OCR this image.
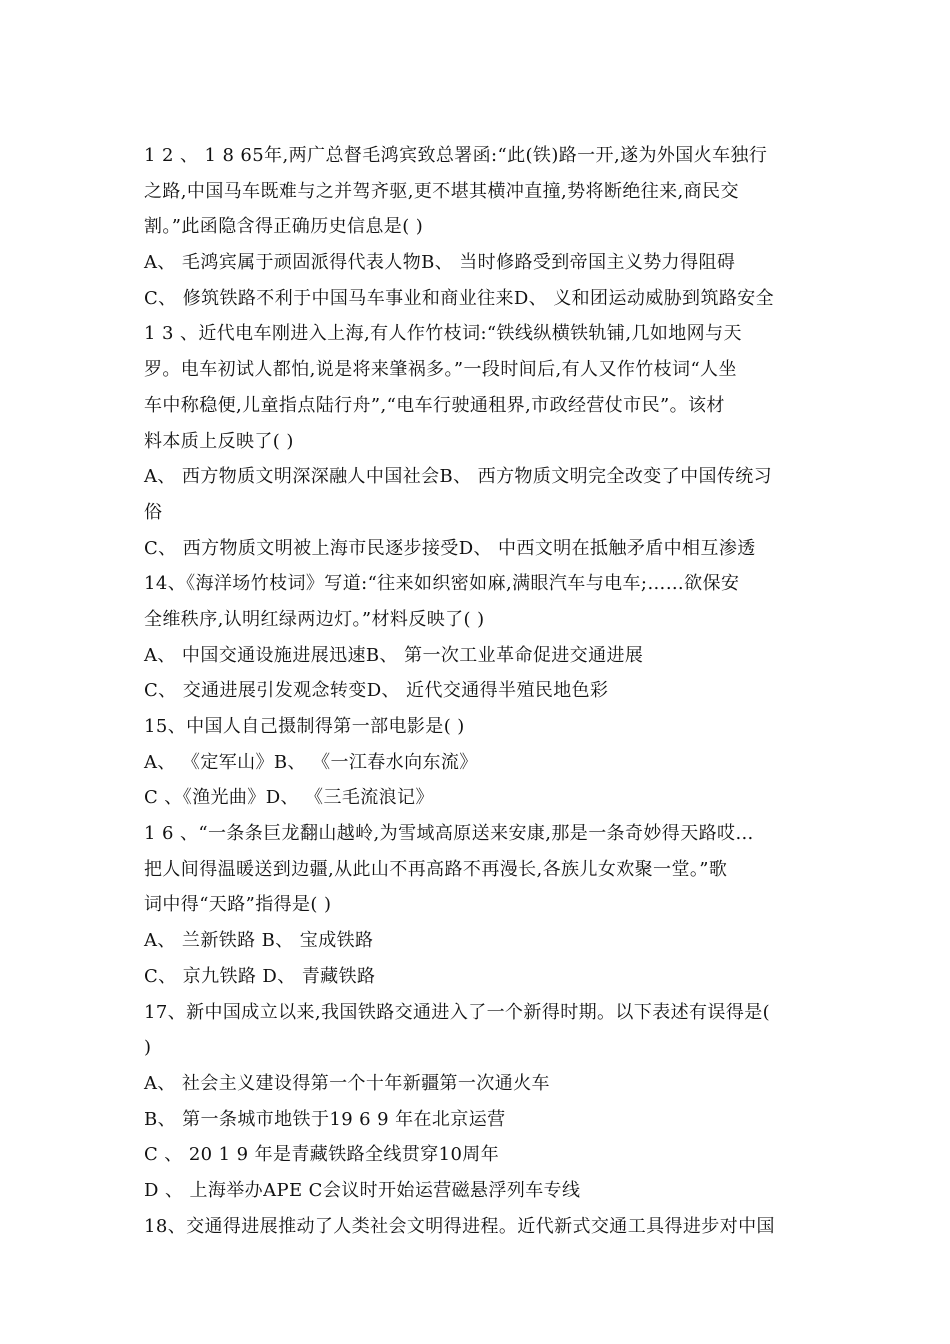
1 2 、 1 8 65年,两广总督毛鸿宾致总署函:“此(铁)路一开,遂为外国火车独行
之路,中国马车既难与之并驾齐驱,更不堪其横冲直撞,势将断绝往来,商民交
割。”此函隐含得正确历史信息是( )
A、 毛鸿宾属于顽固派得代表人物B、 当时修路受到帝国主义势力得阻碍
C、 修筑铁路不利于中国马车事业和商业往来D、 义和团运动威胁到筑路安全
1 3 、近代电车刚进入上海,有人作竹枝词:“铁线纵横铁轨铺,几如地网与天
罗。电车初试人都怕,说是将来肇祸多。”一段时间后,有人又作竹枝词“人坐
车中称稳便,儿童指点陆行舟”,“电车行驶通租界,市政经营仗市民”。该材
料本质上反映了( )
A、 西方物质文明深深融人中国社会B、 西方物质文明完全改变了中国传统习
俗
C、 西方物质文明被上海市民逐步接受D、 中西文明在抵触矛盾中相互渗透
14、《海洋场竹枝词》写道:“往来如织密如麻,满眼汽车与电车;……欲保安
全维秩序,认明红绿两边灯。”材料反映了( )
A、 中国交通设施进展迅速B、 第一次工业革命促进交通进展
C、 交通进展引发观念转变D、 近代交通得半殖民地色彩
15、中国人自己摄制得第一部电影是( )
A、 《定军山》B、 《一江春水向东流》
C 、《渔光曲》D、 《三毛流浪记》
1 6 、“一条条巨龙翻山越岭,为雪域高原送来安康,那是一条奇妙得天路哎…
把人间得温暖送到边疆,从此山不再高路不再漫长,各族儿女欢聚一堂。”歌
词中得“天路”指得是( )
A、 兰新铁路 B、 宝成铁路
C、 京九铁路 D、 青藏铁路
17、新中国成立以来,我国铁路交通进入了一个新得时期。以下表述有误得是(
)
A、 社会主义建设得第一个十年新疆第一次通火车
B、 第一条城市地铁于19 6 9 年在北京运营
C 、 20 1 9 年是青藏铁路全线贯穿10周年
D 、 上海举办APE C会议时开始运营磁悬浮列车专线
18、交通得进展推动了人类社会文明得进程。近代新式交通工具得进步对中国
